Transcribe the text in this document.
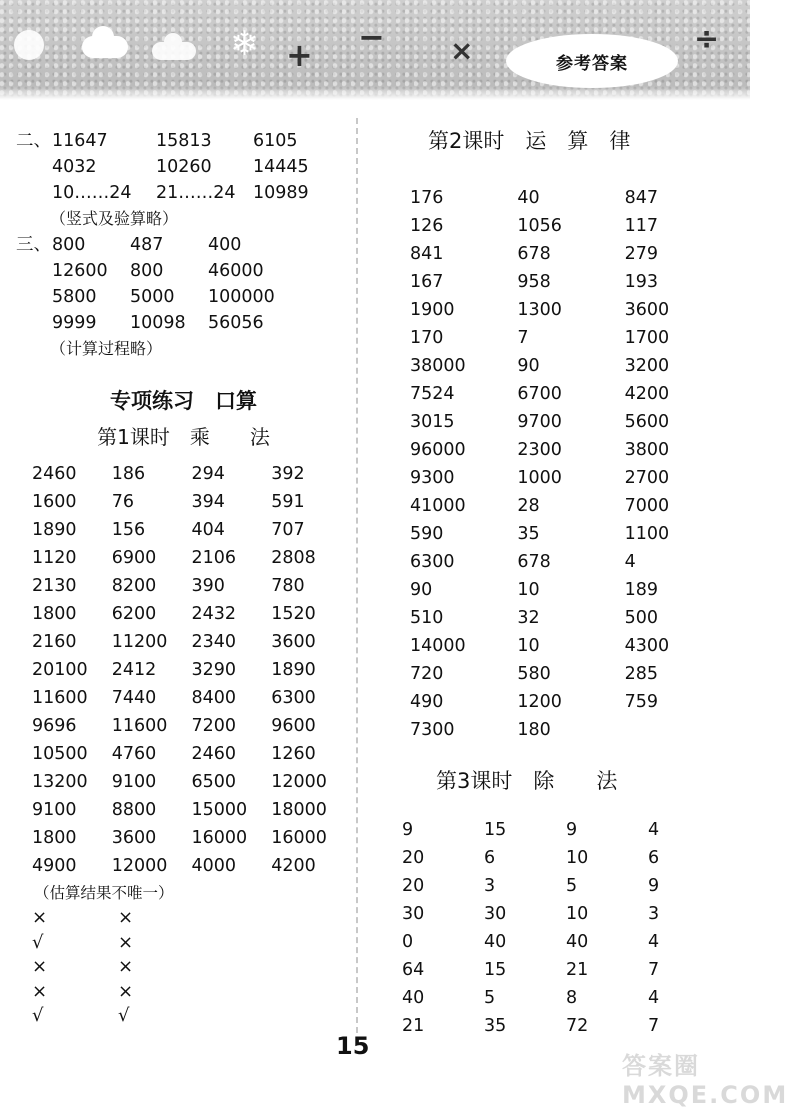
❄ + − ×	参考答案
÷
二、 11647	15813	6105
4032	10260	14445
10……24	21……24 10989
（竖式及验算略）
三、 800	487	400
12600	800	46000
5800	5000	100000
9999	10098	56056
（计算过程略）
专项练习　口算
第1课时　乘　　法
2460	186	294	392
1600	76	394	591
1890	156	404	707
1120	6900	2106	2808
2130	8200	390	780
1800	6200	2432	1520
2160	11200	2340	3600
20100	2412	3290	1890
11600	7440	8400	6300
9696	11600	7200	9600
10500	4760	2460	1260
13200	9100	6500	12000
9100	8800	15000	18000
1800	3600	16000	16000
4900	12000	4000	4200
（估算结果不唯一）
×	×
√	×
×	×
×	×
√	√
第2课时　运　算　律
176	40	847
126	1056	117
841	678	279
167	958	193
1900	1300	3600
170	7	1700
38000	90	3200
7524	6700	4200
3015	9700	5600
96000	2300	3800
9300	1000	2700
41000	28	7000
590	35	1100
6300	678	4
90	10	189
510	32	500
14000	10	4300
720	580	285
490	1200	759
7300	180
第3课时　除　　法
9	15	9	4
20	6	10	6
20	3	5	9
30	30	10	3
0	40	40	4
64	15	21	7
40	5	8	4
21	35	72	7
15
答案圈 MXQE.COM
